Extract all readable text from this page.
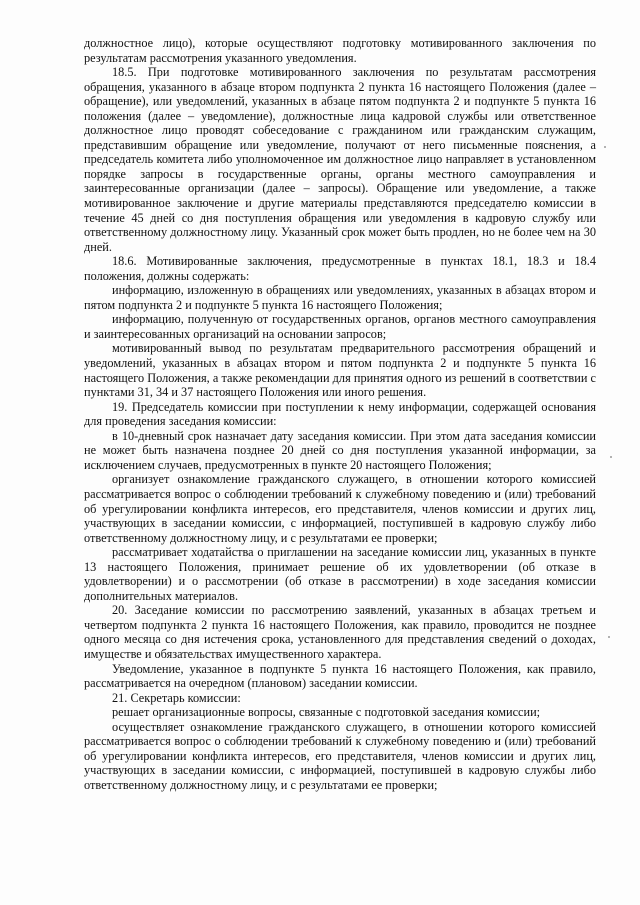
должностное лицо), которые осуществляют подготовку мотивированного заключения по результатам рассмотрения указанного уведомления.

18.5. При подготовке мотивированного заключения по результатам рассмотрения обращения, указанного в абзаце втором подпункта 2 пункта 16 настоящего Положения (далее – обращение), или уведомлений, указанных в абзаце пятом подпункта 2 и подпункте 5 пункта 16 положения (далее – уведомление), должностные лица кадровой службы или ответственное должностное лицо проводят собеседование с гражданином или гражданским служащим, представившим обращение или уведомление, получают от него письменные пояснения, а председатель комитета либо уполномоченное им должностное лицо направляет в установленном порядке запросы в государственные органы, органы местного самоуправления и заинтересованные организации (далее – запросы). Обращение или уведомление, а также мотивированное заключение и другие материалы представляются председателю комиссии в течение 45 дней со дня поступления обращения или уведомления в кадровую службу или ответственному должностному лицу. Указанный срок может быть продлен, но не более чем на 30 дней.

18.6. Мотивированные заключения, предусмотренные в пунктах 18.1, 18.3 и 18.4 положения, должны содержать:

информацию, изложенную в обращениях или уведомлениях, указанных в абзацах втором и пятом подпункта 2 и подпункте 5 пункта 16 настоящего Положения;

информацию, полученную от государственных органов, органов местного самоуправления и заинтересованных организаций на основании запросов;

мотивированный вывод по результатам предварительного рассмотрения обращений и уведомлений, указанных в абзацах втором и пятом подпункта 2 и подпункте 5 пункта 16 настоящего Положения, а также рекомендации для принятия одного из решений в соответствии с пунктами 31, 34 и 37 настоящего Положения или иного решения.

19. Председатель комиссии при поступлении к нему информации, содержащей основания для проведения заседания комиссии:

в 10-дневный срок назначает дату заседания комиссии. При этом дата заседания комиссии не может быть назначена позднее 20 дней со дня поступления указанной информации, за исключением случаев, предусмотренных в пункте 20 настоящего Положения;

организует ознакомление гражданского служащего, в отношении которого комиссией рассматривается вопрос о соблюдении требований к служебному поведению и (или) требований об урегулировании конфликта интересов, его представителя, членов комиссии и других лиц, участвующих в заседании комиссии, с информацией, поступившей в кадровую службу либо ответственному должностному лицу, и с результатами ее проверки;

рассматривает ходатайства о приглашении на заседание комиссии лиц, указанных в пункте 13 настоящего Положения, принимает решение об их удовлетворении (об отказе в удовлетворении) и о рассмотрении (об отказе в рассмотрении) в ходе заседания комиссии дополнительных материалов.

20. Заседание комиссии по рассмотрению заявлений, указанных в абзацах третьем и четвертом подпункта 2 пункта 16 настоящего Положения, как правило, проводится не позднее одного месяца со дня истечения срока, установленного для представления сведений о доходах, имуществе и обязательствах имущественного характера.

Уведомление, указанное в подпункте 5 пункта 16 настоящего Положения, как правило, рассматривается на очередном (плановом) заседании комиссии.

21. Секретарь комиссии:

решает организационные вопросы, связанные с подготовкой заседания комиссии;

осуществляет ознакомление гражданского служащего, в отношении которого комиссией рассматривается вопрос о соблюдении требований к служебному поведению и (или) требований об урегулировании конфликта интересов, его представителя, членов комиссии и других лиц, участвующих в заседании комиссии, с информацией, поступившей в кадровую службы либо ответственному должностному лицу, и с результатами ее проверки;
